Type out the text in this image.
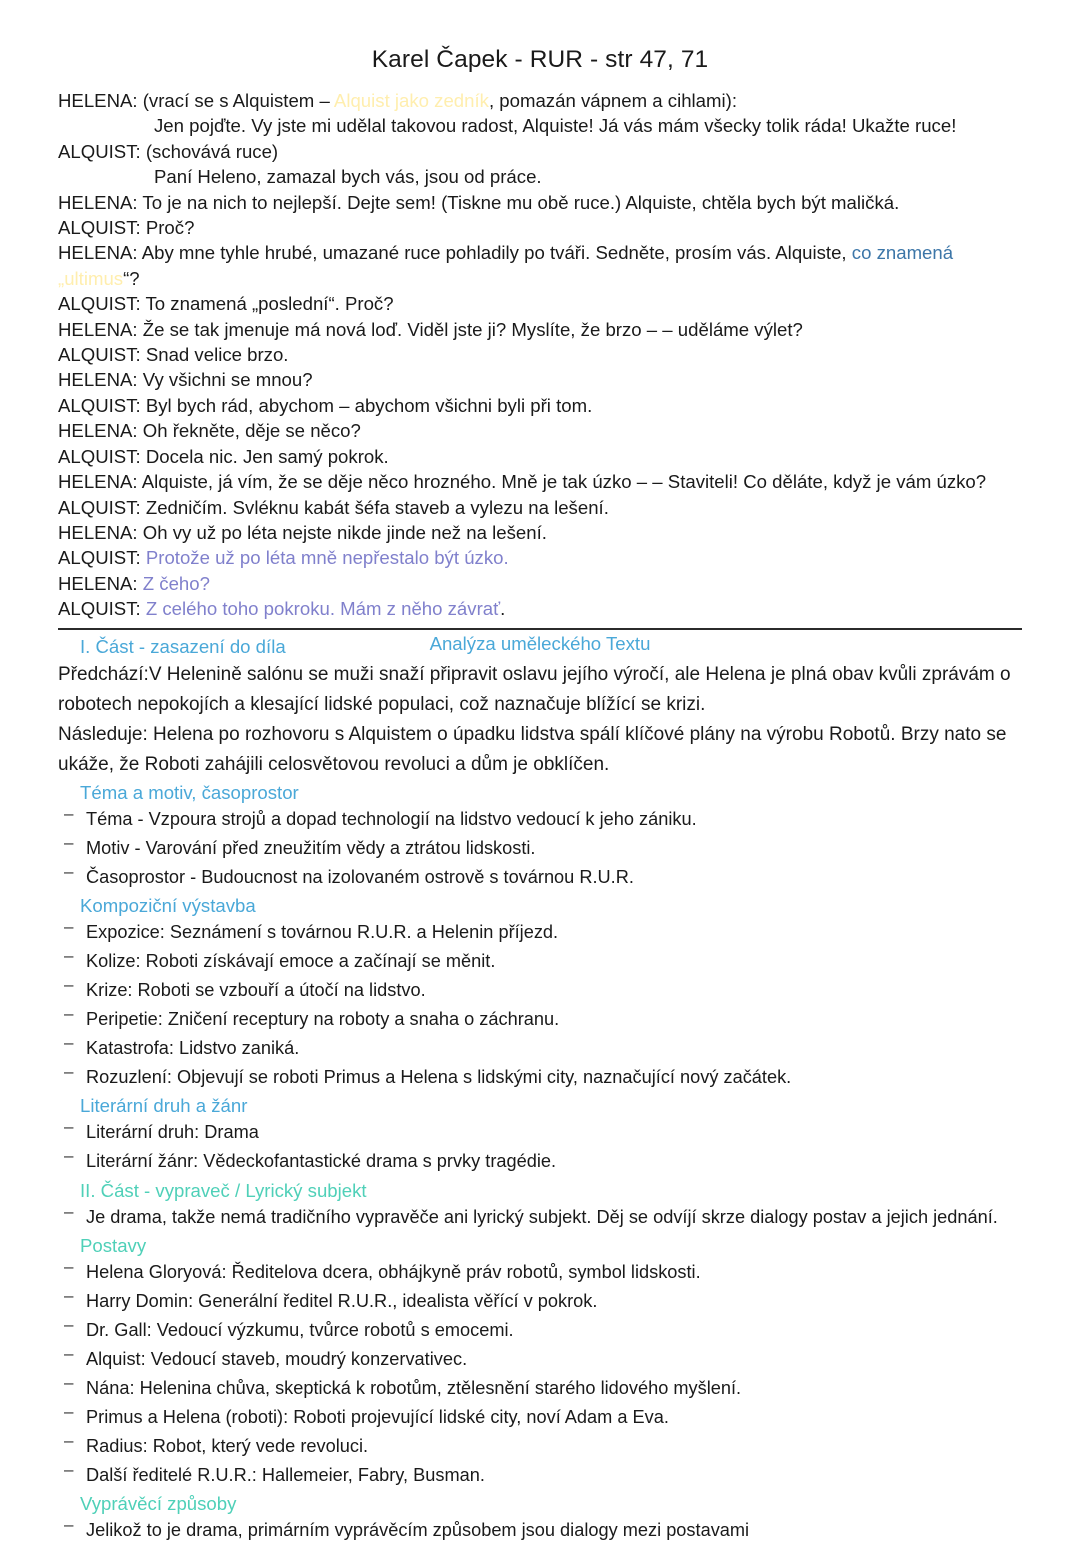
Karel Čapek - RUR - str 47, 71
HELENA: (vrací se s Alquistem – Alquist jako zedník, pomazán vápnem a cihlami):
Jen pojďte. Vy jste mi udělal takovou radost, Alquiste! Já vás mám všecky tolik ráda! Ukažte ruce!
ALQUIST: (schovává ruce)
Paní Heleno, zamazal bych vás, jsou od práce.
HELENA: To je na nich to nejlepší. Dejte sem! (Tiskne mu obě ruce.) Alquiste, chtěla bych být maličká.
ALQUIST: Proč?
HELENA: Aby mne tyhle hrubé, umazané ruce pohladily po tváři. Sedněte, prosím vás. Alquiste, co znamená „ultimus“?
ALQUIST: To znamená „poslední“. Proč?
HELENA: Že se tak jmenuje má nová loď. Viděl jste ji? Myslíte, že brzo – – uděláme výlet?
ALQUIST: Snad velice brzo.
HELENA: Vy všichni se mnou?
ALQUIST: Byl bych rád, abychom – abychom všichni byli při tom.
HELENA: Oh řekněte, děje se něco?
ALQUIST: Docela nic. Jen samý pokrok.
HELENA: Alquiste, já vím, že se děje něco hrozného. Mně je tak úzko – – Staviteli! Co děláte, když je vám úzko?
ALQUIST: Zedničím. Svléknu kabát šéfa staveb a vylezu na lešení.
HELENA: Oh vy už po léta nejste nikde jinde než na lešení.
ALQUIST: Protože už po léta mně nepřestalo být úzko.
HELENA: Z čeho?
ALQUIST: Z celého toho pokroku. Mám z něho závrať.
Analýza uměleckého Textu
I. Část - zasazení do díla

Předchází:V Helenině salónu se muži snaží připravit oslavu jejího výročí, ale Helena je plná obav kvůli zprávám o robotech nepokojích a klesající lidské populaci, což naznačuje blížící se krizi.

Následuje: Helena po rozhovoru s Alquistem o úpadku lidstva spálí klíčové plány na výrobu Robotů. Brzy nato se ukáže, že Roboti zahájili celosvětovou revoluci a dům je obklíčen.

Téma a motiv, časoprostor
– Téma - Vzpoura strojů a dopad technologií na lidstvo vedoucí k jeho zániku.
– Motiv - Varování před zneužitím vědy a ztrátou lidskosti.
– Časoprostor - Budoucnost na izolovaném ostrově s továrnou R.U.R.
Kompoziční výstavba
– Expozice: Seznámení s továrnou R.U.R. a Helenin příjezd.
– Kolize: Roboti získávají emoce a začínají se měnit.
– Krize: Roboti se vzbouří a útočí na lidstvo.
– Peripetie: Zničení receptury na roboty a snaha o záchranu.
– Katastrofa: Lidstvo zaniká.
– Rozuzlení: Objevují se roboti Primus a Helena s lidskými city, naznačující nový začátek.
Literární druh a žánr
– Literární druh: Drama
– Literární žánr: Vědeckofantastické drama s prvky tragédie.
II. Část - vypraveč / Lyrický subjekt
– Je drama, takže nemá tradičního vypravěče ani lyrický subjekt. Děj se odvíjí skrze dialogy postav a jejich jednání.
Postavy
– Helena Gloryová: Ředitelova dcera, obhájkyně práv robotů, symbol lidskosti.
– Harry Domin: Generální ředitel R.U.R., idealista věřící v pokrok.
– Dr. Gall: Vedoucí výzkumu, tvůrce robotů s emocemi.
– Alquist: Vedoucí staveb, moudrý konzervativec.
– Nána: Helenina chůva, skeptická k robotům, ztělesnění starého lidového myšlení.
– Primus a Helena (roboti): Roboti projevující lidské city, noví Adam a Eva.
– Radius: Robot, který vede revoluci.
– Další ředitelé R.U.R.: Hallemeier, Fabry, Busman.
Vyprávěcí způsoby
– Jelikož to je drama, primárním vyprávěcím způsobem jsou dialogy mezi postavami
